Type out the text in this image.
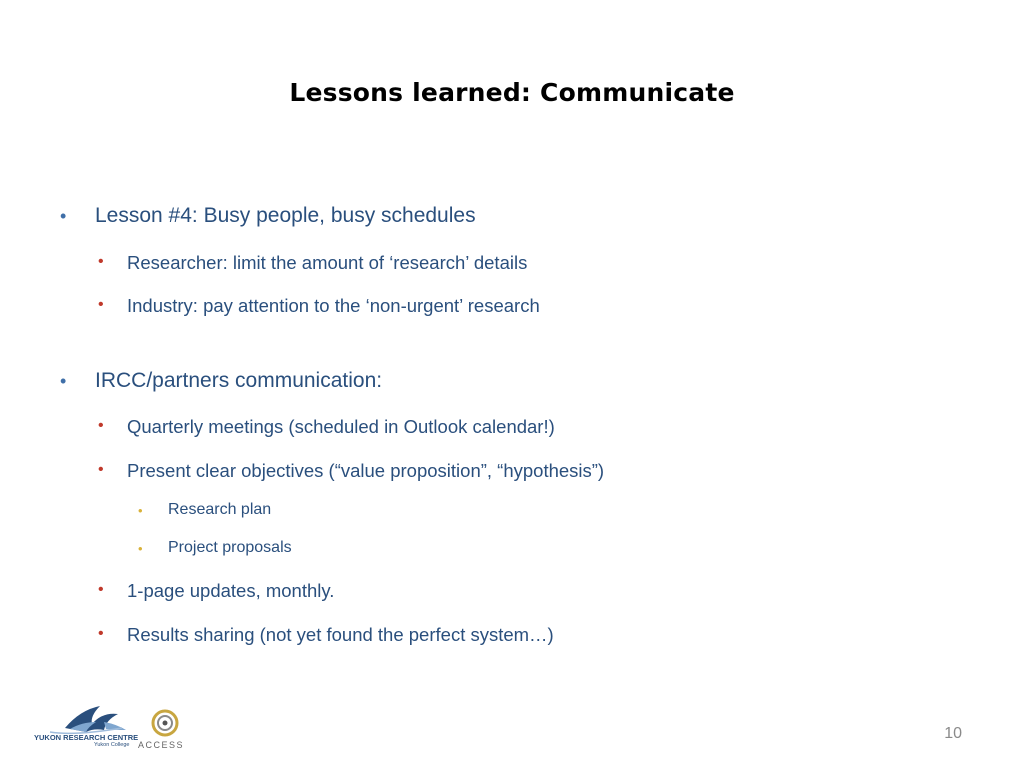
Lessons learned: Communicate
• Lesson #4: Busy people, busy schedules
• Researcher: limit the amount of ‘research’ details
• Industry: pay attention to the ‘non-urgent’ research
• IRCC/partners communication:
• Quarterly meetings (scheduled in Outlook calendar!)
• Present clear objectives (“value proposition”, “hypothesis”)
• Research plan
• Project proposals
• 1-page updates, monthly.
• Results sharing (not yet found the perfect system…)
YUKON RESEARCH CENTRE
Yukon College ACCESS
10
